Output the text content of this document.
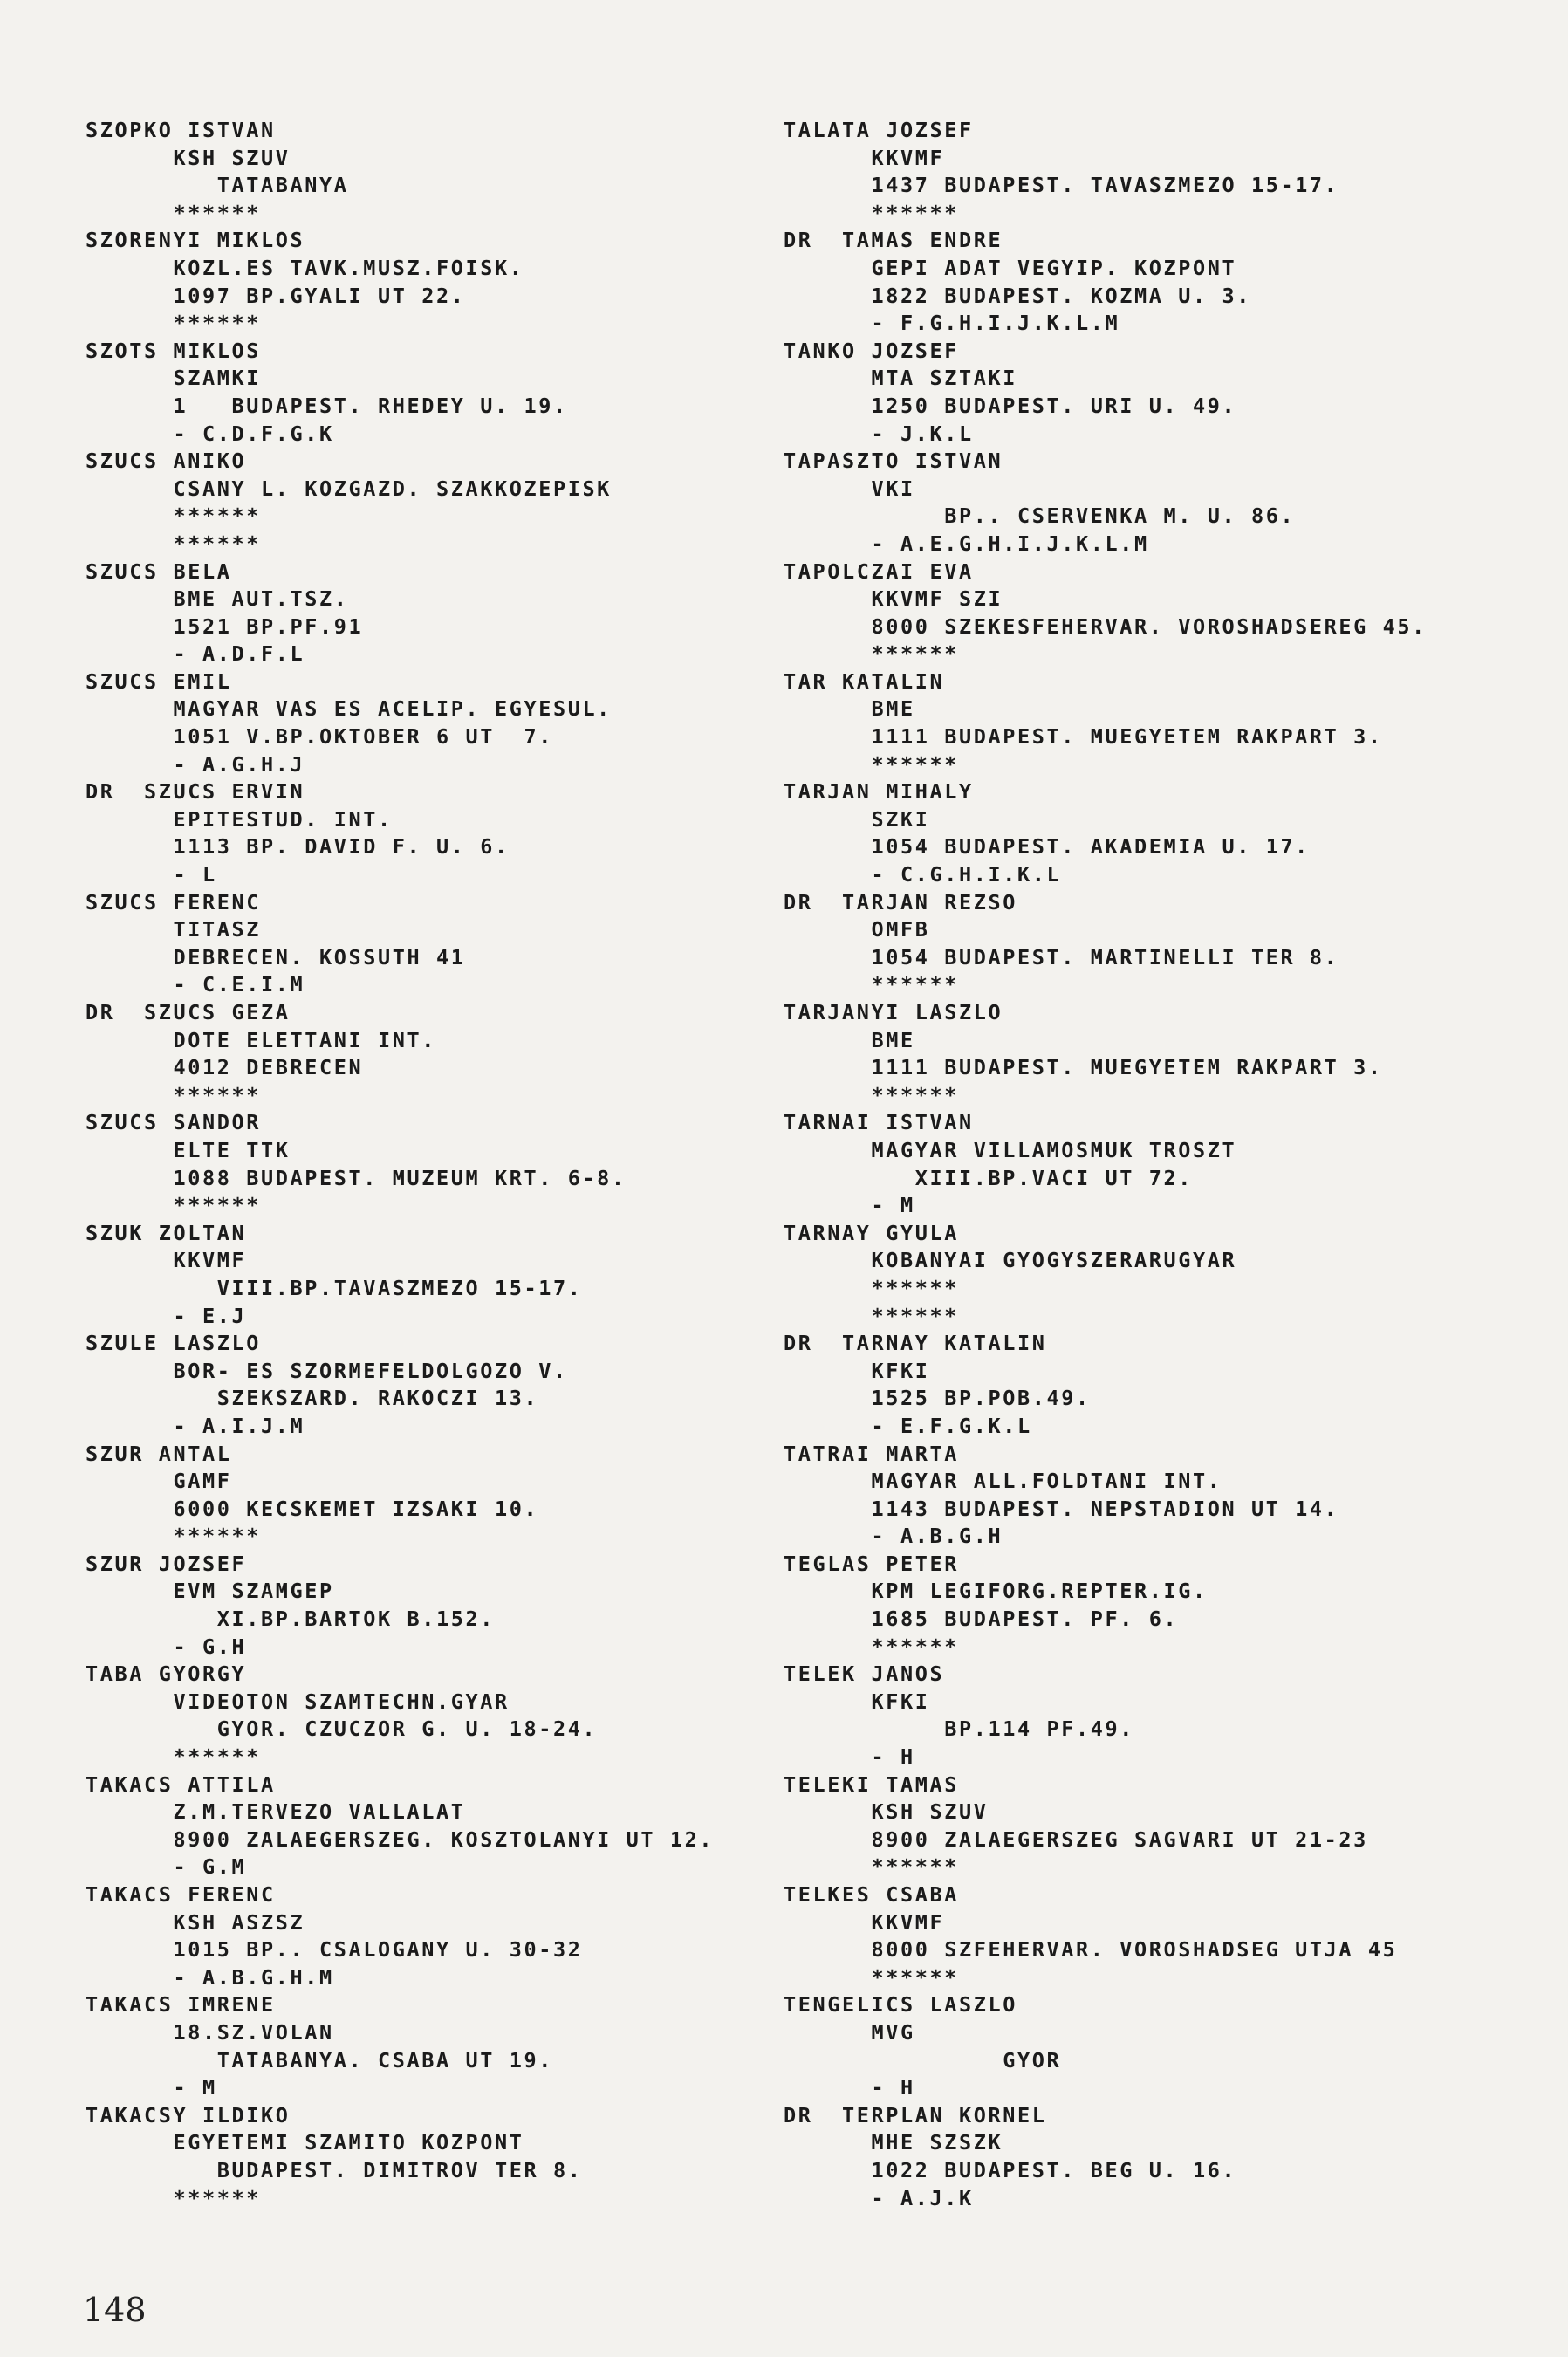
SZOPKO ISTVAN
KSH SZUV
TATABANYA
******
SZORENYI MIKLOS
KOZL.ES TAVK.MUSZ.FOISK.
1097 BP.GYALI UT 22.
******
SZOTS MIKLOS
SZAMKI
1   BUDAPEST. RHEDEY U. 19.
- C.D.F.G.K
SZUCS ANIKO
CSANY L. KOZGAZD. SZAKKOZEPISK
******
******
SZUCS BELA
BME AUT.TSZ.
1521 BP.PF.91
- A.D.F.L
SZUCS EMIL
MAGYAR VAS ES ACELIP. EGYESUL.
1051 V.BP.OKTOBER 6 UT  7.
- A.G.H.J
DR  SZUCS ERVIN
EPITESTUD. INT.
1113 BP. DAVID F. U. 6.
- L
SZUCS FERENC
TITASZ
DEBRECEN. KOSSUTH 41
- C.E.I.M
DR  SZUCS GEZA
DOTE ELETTANI INT.
4012 DEBRECEN
******
SZUCS SANDOR
ELTE TTK
1088 BUDAPEST. MUZEUM KRT. 6-8.
******
SZUK ZOLTAN
KKVMF
VIII.BP.TAVASZMEZO 15-17.
- E.J
SZULE LASZLO
BOR- ES SZORMEFELDOLGOZO V.
SZEKSZARD. RAKOCZI 13.
- A.I.J.M
SZUR ANTAL
GAMF
6000 KECSKEMET IZSAKI 10.
******
SZUR JOZSEF
EVM SZAMGEP
XI.BP.BARTOK B.152.
- G.H
TABA GYORGY
VIDEOTON SZAMTECHN.GYAR
GYOR. CZUCZOR G. U. 18-24.
******
TAKACS ATTILA
Z.M.TERVEZO VALLALAT
8900 ZALAEGERSZEG. KOSZTOLANYI UT 12.
- G.M
TAKACS FERENC
KSH ASZSZ
1015 BP.. CSALOGANY U. 30-32
- A.B.G.H.M
TAKACS IMRENE
18.SZ.VOLAN
TATABANYA. CSABA UT 19.
- M
TAKACSY ILDIKO
EGYETEMI SZAMITO KOZPONT
BUDAPEST. DIMITROV TER 8.
******
TALATA JOZSEF
KKVMF
1437 BUDAPEST. TAVASZMEZO 15-17.
******
DR  TAMAS ENDRE
GEPI ADAT VEGYIP. KOZPONT
1822 BUDAPEST. KOZMA U. 3.
- F.G.H.I.J.K.L.M
TANKO JOZSEF
MTA SZTAKI
1250 BUDAPEST. URI U. 49.
- J.K.L
TAPASZTO ISTVAN
VKI
BP.. CSERVENKA M. U. 86.
- A.E.G.H.I.J.K.L.M
TAPOLCZAI EVA
KKVMF SZI
8000 SZEKESFEHERVAR. VOROSHADSEREG 45.
******
TAR KATALIN
BME
1111 BUDAPEST. MUEGYETEM RAKPART 3.
******
TARJAN MIHALY
SZKI
1054 BUDAPEST. AKADEMIA U. 17.
- C.G.H.I.K.L
DR  TARJAN REZSO
OMFB
1054 BUDAPEST. MARTINELLI TER 8.
******
TARJANYI LASZLO
BME
1111 BUDAPEST. MUEGYETEM RAKPART 3.
******
TARNAI ISTVAN
MAGYAR VILLAMOSMUK TROSZT
XIII.BP.VACI UT 72.
- M
TARNAY GYULA
KOBANYAI GYOGYSZERARUGYAR
******
******
DR  TARNAY KATALIN
KFKI
1525 BP.POB.49.
- E.F.G.K.L
TATRAI MARTA
MAGYAR ALL.FOLDTANI INT.
1143 BUDAPEST. NEPSTADION UT 14.
- A.B.G.H
TEGLAS PETER
KPM LEGIFORG.REPTER.IG.
1685 BUDAPEST. PF. 6.
******
TELEK JANOS
KFKI
BP.114 PF.49.
- H
TELEKI TAMAS
KSH SZUV
8900 ZALAEGERSZEG SAGVARI UT 21-23
******
TELKES CSABA
KKVMF
8000 SZFEHERVAR. VOROSHADSEG UTJA 45
******
TENGELICS LASZLO
MVG
GYOR
- H
DR  TERPLAN KORNEL
MHE SZSZK
1022 BUDAPEST. BEG U. 16.
- A.J.K
148
